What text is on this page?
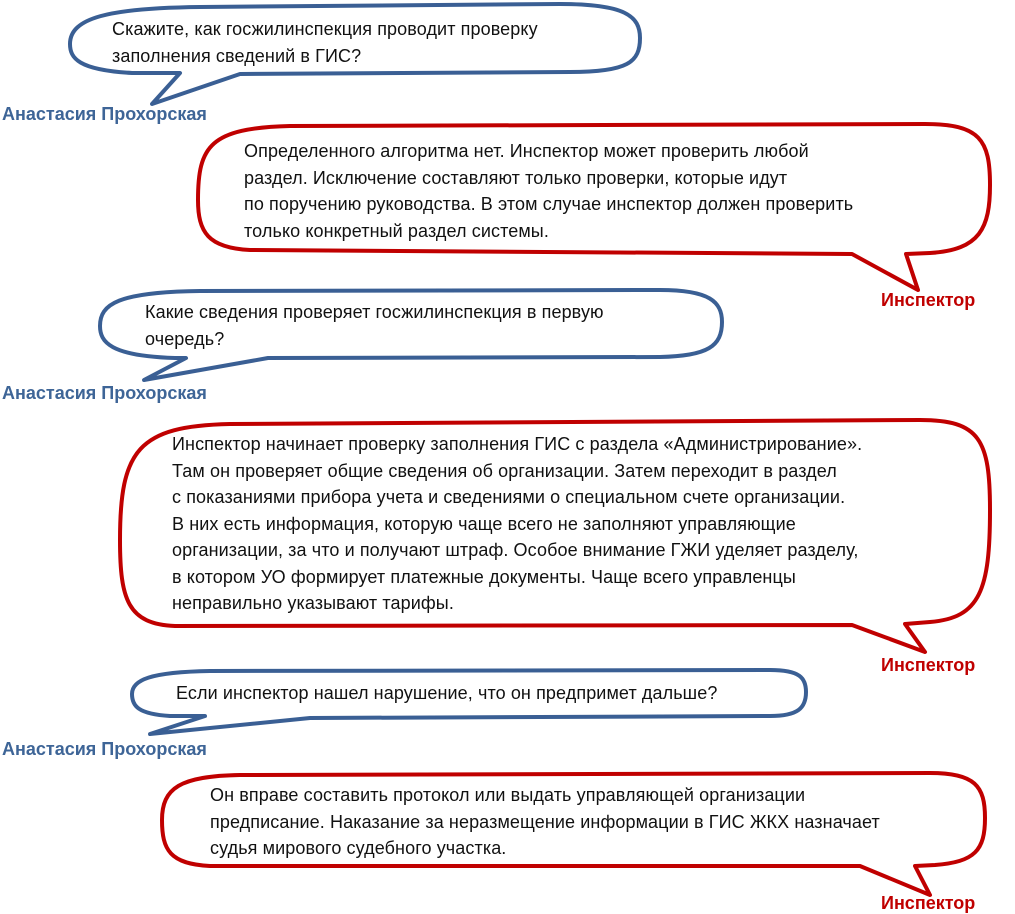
Скажите, как госжилинспекция проводит проверку
заполнения сведений в ГИС?
Анастасия Прохорская
Определенного алгоритма нет. Инспектор может проверить любой
раздел. Исключение составляют только проверки, которые идут
по поручению руководства. В этом случае инспектор должен проверить
только конкретный раздел системы.
Инспектор
Какие сведения проверяет госжилинспекция в первую
очередь?
Анастасия Прохорская
Инспектор начинает проверку заполнения ГИС с раздела «Администрирование».
Там он проверяет общие сведения об организации. Затем переходит в раздел
с показаниями прибора учета и сведениями о специальном счете организации.
В них есть информация, которую чаще всего не заполняют управляющие
организации, за что и получают штраф. Особое внимание ГЖИ уделяет разделу,
в котором УО формирует платежные документы. Чаще всего управленцы
неправильно указывают тарифы.
Инспектор
Если инспектор нашел нарушение, что он предпримет дальше?
Анастасия Прохорская
Он вправе составить протокол или выдать управляющей организации
предписание. Наказание за неразмещение информации в ГИС ЖКХ назначает
судья мирового судебного участка.
Инспектор
